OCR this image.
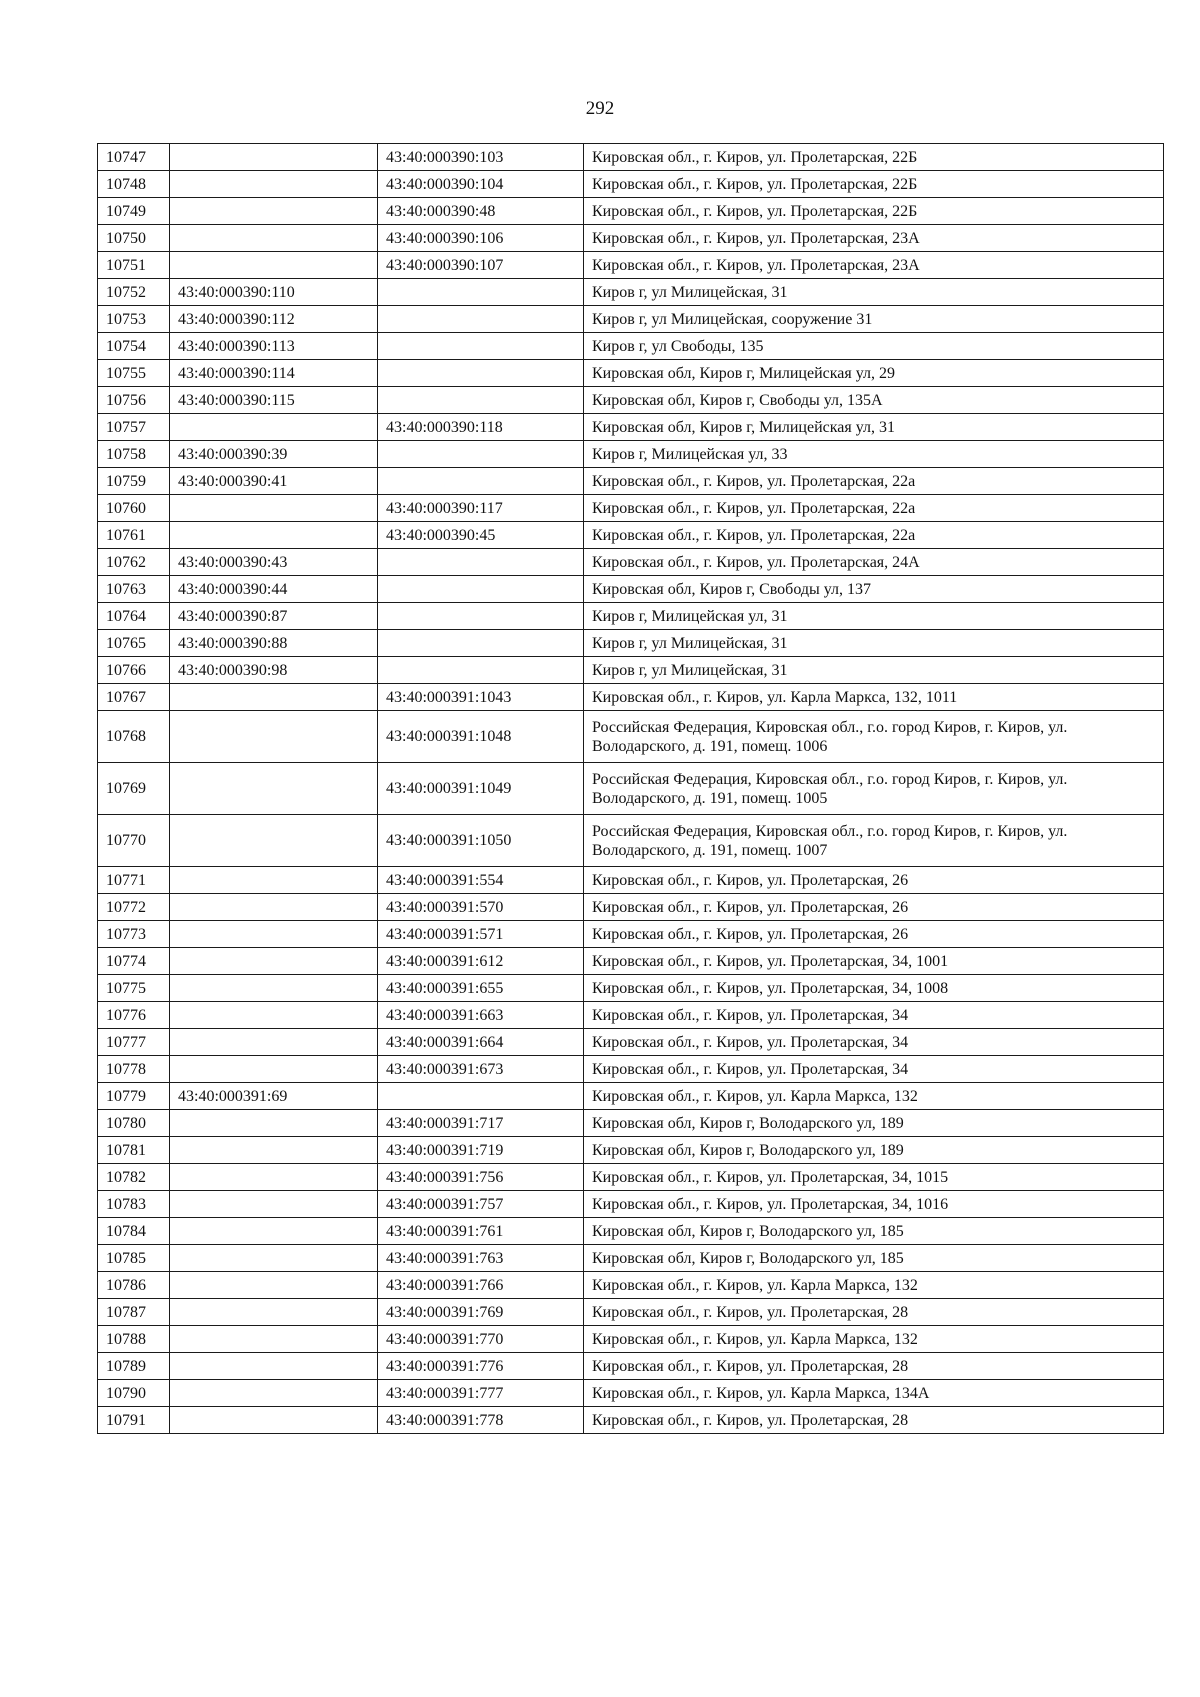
292
10747		43:40:000390:103	Кировская обл., г. Киров, ул. Пролетарская, 22Б
10748		43:40:000390:104	Кировская обл., г. Киров, ул. Пролетарская, 22Б
10749		43:40:000390:48	Кировская обл., г. Киров, ул. Пролетарская, 22Б
10750		43:40:000390:106	Кировская обл., г. Киров, ул. Пролетарская, 23А
10751		43:40:000390:107	Кировская обл., г. Киров, ул. Пролетарская, 23А
10752	43:40:000390:110		Киров г, ул Милицейская, 31
10753	43:40:000390:112		Киров г, ул Милицейская, сооружение 31
10754	43:40:000390:113		Киров г, ул Свободы, 135
10755	43:40:000390:114		Кировская обл, Киров г, Милицейская ул, 29
10756	43:40:000390:115		Кировская обл, Киров г, Свободы ул, 135А
10757		43:40:000390:118	Кировская обл, Киров г, Милицейская ул, 31
10758	43:40:000390:39		Киров г, Милицейская ул, 33
10759	43:40:000390:41		Кировская обл., г. Киров, ул. Пролетарская, 22а
10760		43:40:000390:117	Кировская обл., г. Киров, ул. Пролетарская, 22а
10761		43:40:000390:45	Кировская обл., г. Киров, ул. Пролетарская, 22а
10762	43:40:000390:43		Кировская обл., г. Киров, ул. Пролетарская, 24А
10763	43:40:000390:44		Кировская обл, Киров г, Свободы ул, 137
10764	43:40:000390:87		Киров г, Милицейская ул, 31
10765	43:40:000390:88		Киров г, ул Милицейская, 31
10766	43:40:000390:98		Киров г, ул Милицейская, 31
10767		43:40:000391:1043	Кировская обл., г. Киров, ул. Карла Маркса, 132, 1011
10768		43:40:000391:1048	Российская Федерация, Кировская обл., г.о. город Киров, г. Киров, ул. Володарского, д. 191, помещ. 1006
10769		43:40:000391:1049	Российская Федерация, Кировская обл., г.о. город Киров, г. Киров, ул. Володарского, д. 191, помещ. 1005
10770		43:40:000391:1050	Российская Федерация, Кировская обл., г.о. город Киров, г. Киров, ул. Володарского, д. 191, помещ. 1007
10771		43:40:000391:554	Кировская обл., г. Киров, ул. Пролетарская, 26
10772		43:40:000391:570	Кировская обл., г. Киров, ул. Пролетарская, 26
10773		43:40:000391:571	Кировская обл., г. Киров, ул. Пролетарская, 26
10774		43:40:000391:612	Кировская обл., г. Киров, ул. Пролетарская, 34, 1001
10775		43:40:000391:655	Кировская обл., г. Киров, ул. Пролетарская, 34, 1008
10776		43:40:000391:663	Кировская обл., г. Киров, ул. Пролетарская, 34
10777		43:40:000391:664	Кировская обл., г. Киров, ул. Пролетарская, 34
10778		43:40:000391:673	Кировская обл., г. Киров, ул. Пролетарская, 34
10779	43:40:000391:69		Кировская обл., г. Киров, ул. Карла Маркса, 132
10780		43:40:000391:717	Кировская обл, Киров г, Володарского ул, 189
10781		43:40:000391:719	Кировская обл, Киров г, Володарского ул, 189
10782		43:40:000391:756	Кировская обл., г. Киров, ул. Пролетарская, 34, 1015
10783		43:40:000391:757	Кировская обл., г. Киров, ул. Пролетарская, 34, 1016
10784		43:40:000391:761	Кировская обл, Киров г, Володарского ул, 185
10785		43:40:000391:763	Кировская обл, Киров г, Володарского ул, 185
10786		43:40:000391:766	Кировская обл., г. Киров, ул. Карла Маркса, 132
10787		43:40:000391:769	Кировская обл., г. Киров, ул. Пролетарская, 28
10788		43:40:000391:770	Кировская обл., г. Киров, ул. Карла Маркса, 132
10789		43:40:000391:776	Кировская обл., г. Киров, ул. Пролетарская, 28
10790		43:40:000391:777	Кировская обл., г. Киров, ул. Карла Маркса, 134А
10791		43:40:000391:778	Кировская обл., г. Киров, ул. Пролетарская, 28
